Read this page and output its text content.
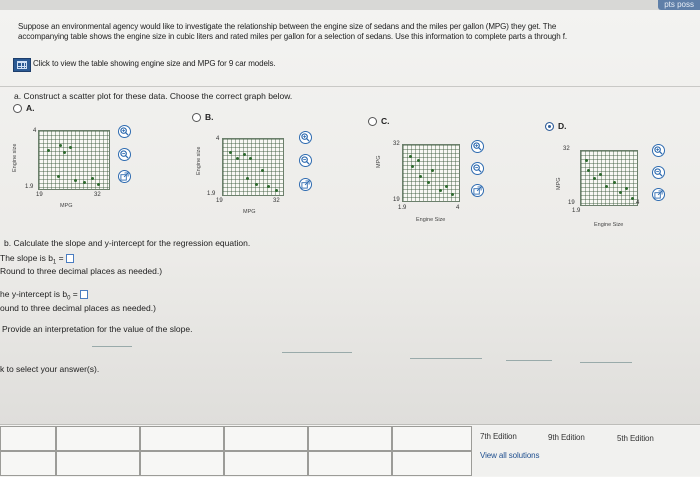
pts poss
Suppose an environmental agency would like to investigate the relationship between the engine size of sedans and the miles per gallon (MPG) they get. The
accompanying table shows the engine size in cubic liters and rated miles per gallon for a selection of sedans. Use this information to complete parts a through f.
Click to view the table showing engine size and MPG for 9 car models.
a. Construct a scatter plot for these data. Choose the correct graph below.
A.
Engine size
4
1.9
19	32
MPG
B.
Engine size
4
1.9
19	32
MPG
C.
MPG
32
19
1.9	4
Engine Size
D.
MPG
32
19
1.9
4
Engine Size
b. Calculate the slope and y-intercept for the regression equation.
The slope is $b_1$ =
Round to three decimal places as needed.)
he y-intercept is $b_0$ =
ound to three decimal places as needed.)
Provide an interpretation for the value of the slope.
k to select your answer(s).
7th Edition	9th Edition	5th Edition
View all solutions
